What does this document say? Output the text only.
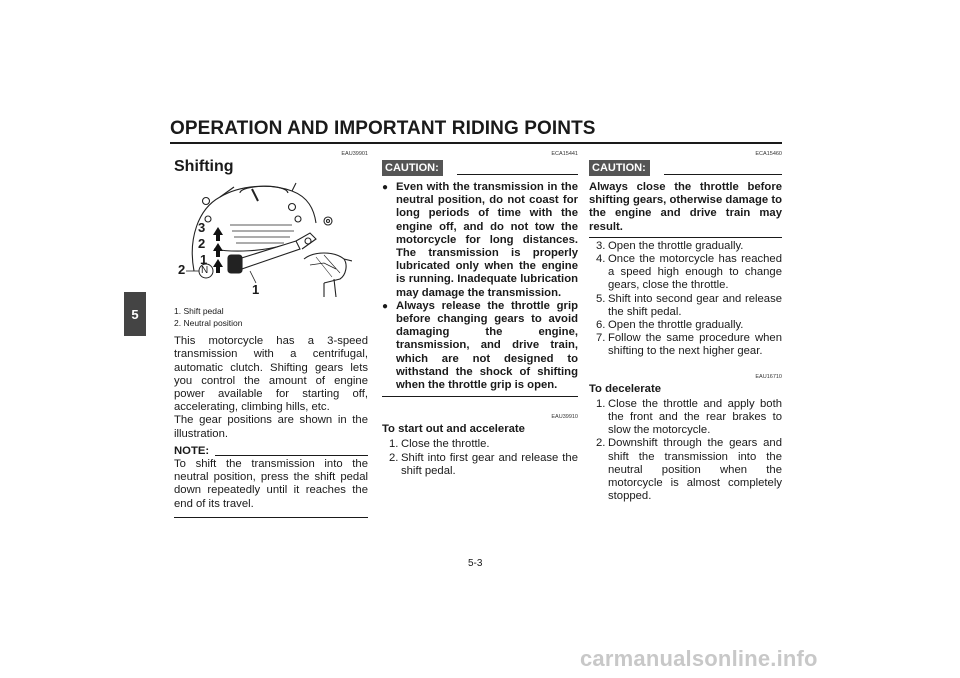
OPERATION AND IMPORTANT RIDING POINTS
5
EAU39901
Shifting
3
2
1
2 N
1
1. Shift pedal
2. Neutral position

This motorcycle has a 3-speed transmission with a centrifugal, automatic clutch. Shifting gears lets you control the amount of engine power available for starting off, accelerating, climbing hills, etc.

The gear positions are shown in the illustration.

NOTE:

To shift the transmission into the neutral position, press the shift pedal down repeatedly until it reaches the end of its travel.

ECA15441
CAUTION:
● Even with the transmission in the neutral position, do not coast for long periods of time with the engine off, and do not tow the motorcycle for long distances. The transmission is properly lubricated only when the engine is running. Inadequate lubrication may damage the transmission.
● Always release the throttle grip before changing gears to avoid damaging the engine, transmission, and drive train, which are not designed to withstand the shock of shifting when the throttle grip is open.
EAU39910
To start out and accelerate
1. Close the throttle.
2. Shift into first gear and release the shift pedal.
ECA15460
CAUTION:

Always close the throttle before shifting gears, otherwise damage to the engine and drive train may result.

3. Open the throttle gradually.
4. Once the motorcycle has reached a speed high enough to change gears, close the throttle.
5. Shift into second gear and release the shift pedal.
6. Open the throttle gradually.
7. Follow the same procedure when shifting to the next higher gear.
EAU16710
To decelerate
1. Close the throttle and apply both the front and the rear brakes to slow the motorcycle.
2. Downshift through the gears and shift the transmission into the neutral position when the motorcycle is almost completely stopped.
5-3
carmanualsonline.info
